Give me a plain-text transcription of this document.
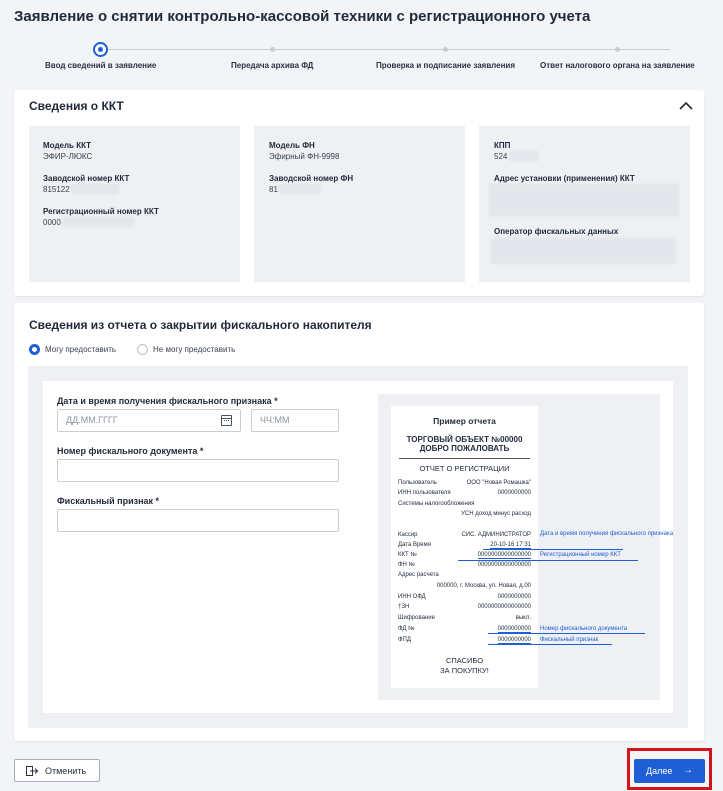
Заявление о снятии контрольно-кассовой техники с регистрационного учета
Ввод сведений в заявление	Передача архива ФД	Проверка и подписание заявления	Ответ налогового органа на заявление
Сведения о ККТ
Модель ККТ
ЭФИР-ЛЮКС
Заводской номер ККТ
815122
Регистрационный номер ККТ
0000
Модель ФН
Эфирный ФН-9998
Заводской номер ФН
81
КПП
524
Адрес установки (применения) ККТ
Оператор фискальных данных
Сведения из отчета о закрытии фискального накопителя
Могу предоставить	Не могу предоставить
Дата и время получения фискального признака *
ДД.ММ.ГГГГ	ЧЧ:ММ
Номер фискального документа *
Фискальный признак *
Пример отчета
ТОРГОВЫЙ ОБЪЕКТ №00000
ДОБРО ПОЖАЛОВАТЬ
ОТЧЕТ О РЕГИСТРАЦИИ
Пользователь	ООО "Новая Ромашка"
ИНН пользователя	0000000000
Системы налогообложения
УСН доход минус расход
Кассир	СИС. АДМИНИСТРАТОР
Дата Время	20-10-16 17:31
ККТ №	0000000000000000
ФН №	0000000000000000
Адрес расчета
000000, г. Москва, ул. Новая, д.00
ИНН ОФД	0000000000
†ЗН	0000000000000000
Шифрование	выкл.
ФД №	0000000000
ФПД	0000000000
СПАСИБО
ЗА ПОКУПКУ!
Дата и время получения фискального признака
Регистрационный номер ККТ
Номер фискального документа
Фискальный признак
Отменить	Далее →
